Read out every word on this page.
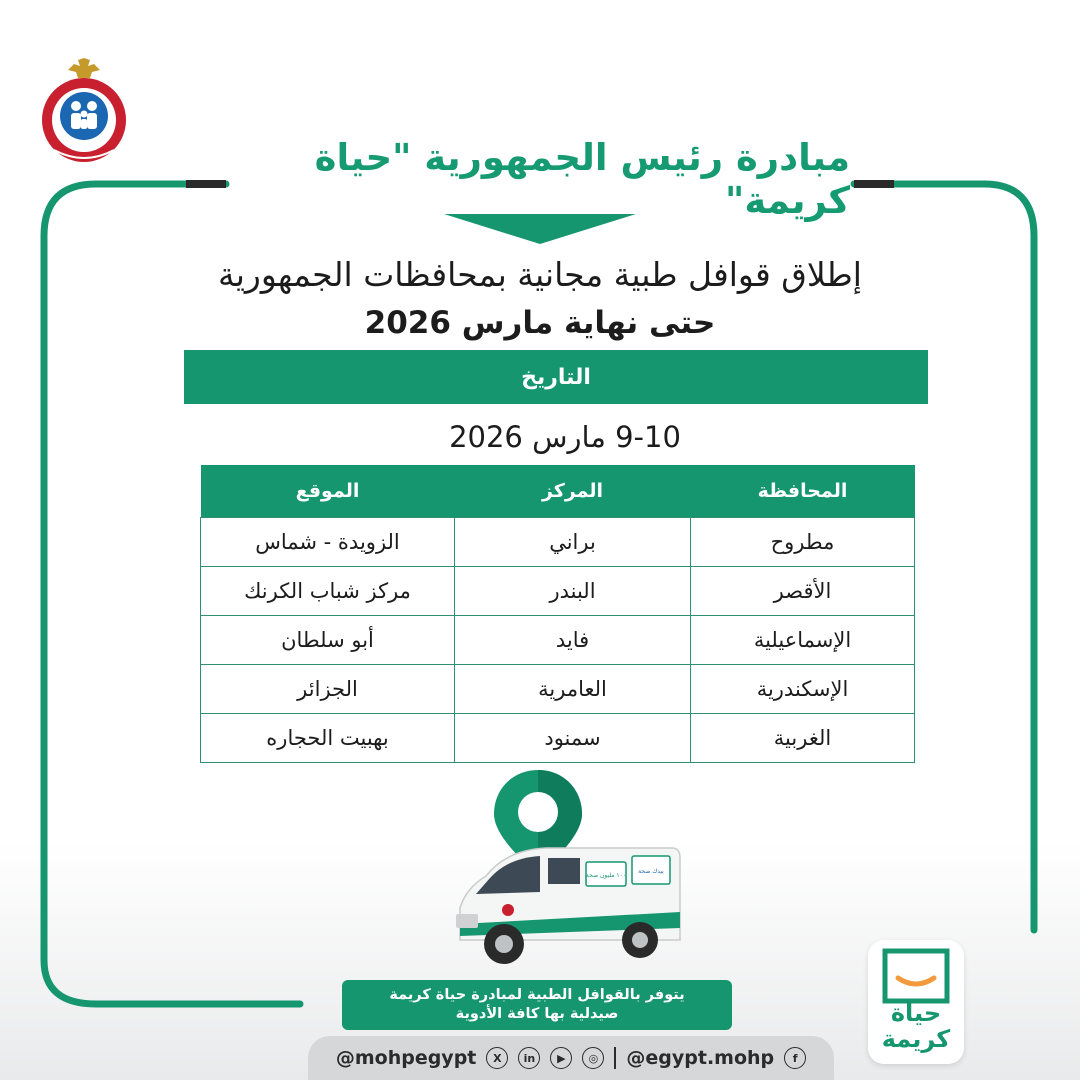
مبادرة رئيس الجمهورية "حياة كريمة"
إطلاق قوافل طبية مجانية بمحافظات الجمهورية
حتى نهاية مارس 2026
التاريخ
9-10 مارس 2026
المحافظة	المركز	الموقع
مطروح	براني	الزويدة - شماس
الأقصر	البندر	مركز شباب الكرنك
الإسماعيلية	فايد	أبو سلطان
الإسكندرية	العامرية	الجزائر
الغربية	سمنود	بهبيت الحجاره
١٠٠ مليون صحة
بيدك صحة
يتوفر بالقوافل الطبية لمبادرة حياة كريمة
صيدلية بها كافة الأدوية
@mohpegypt	X	in	▶	◎	@egypt.mohp	f
حياة
كريمة
